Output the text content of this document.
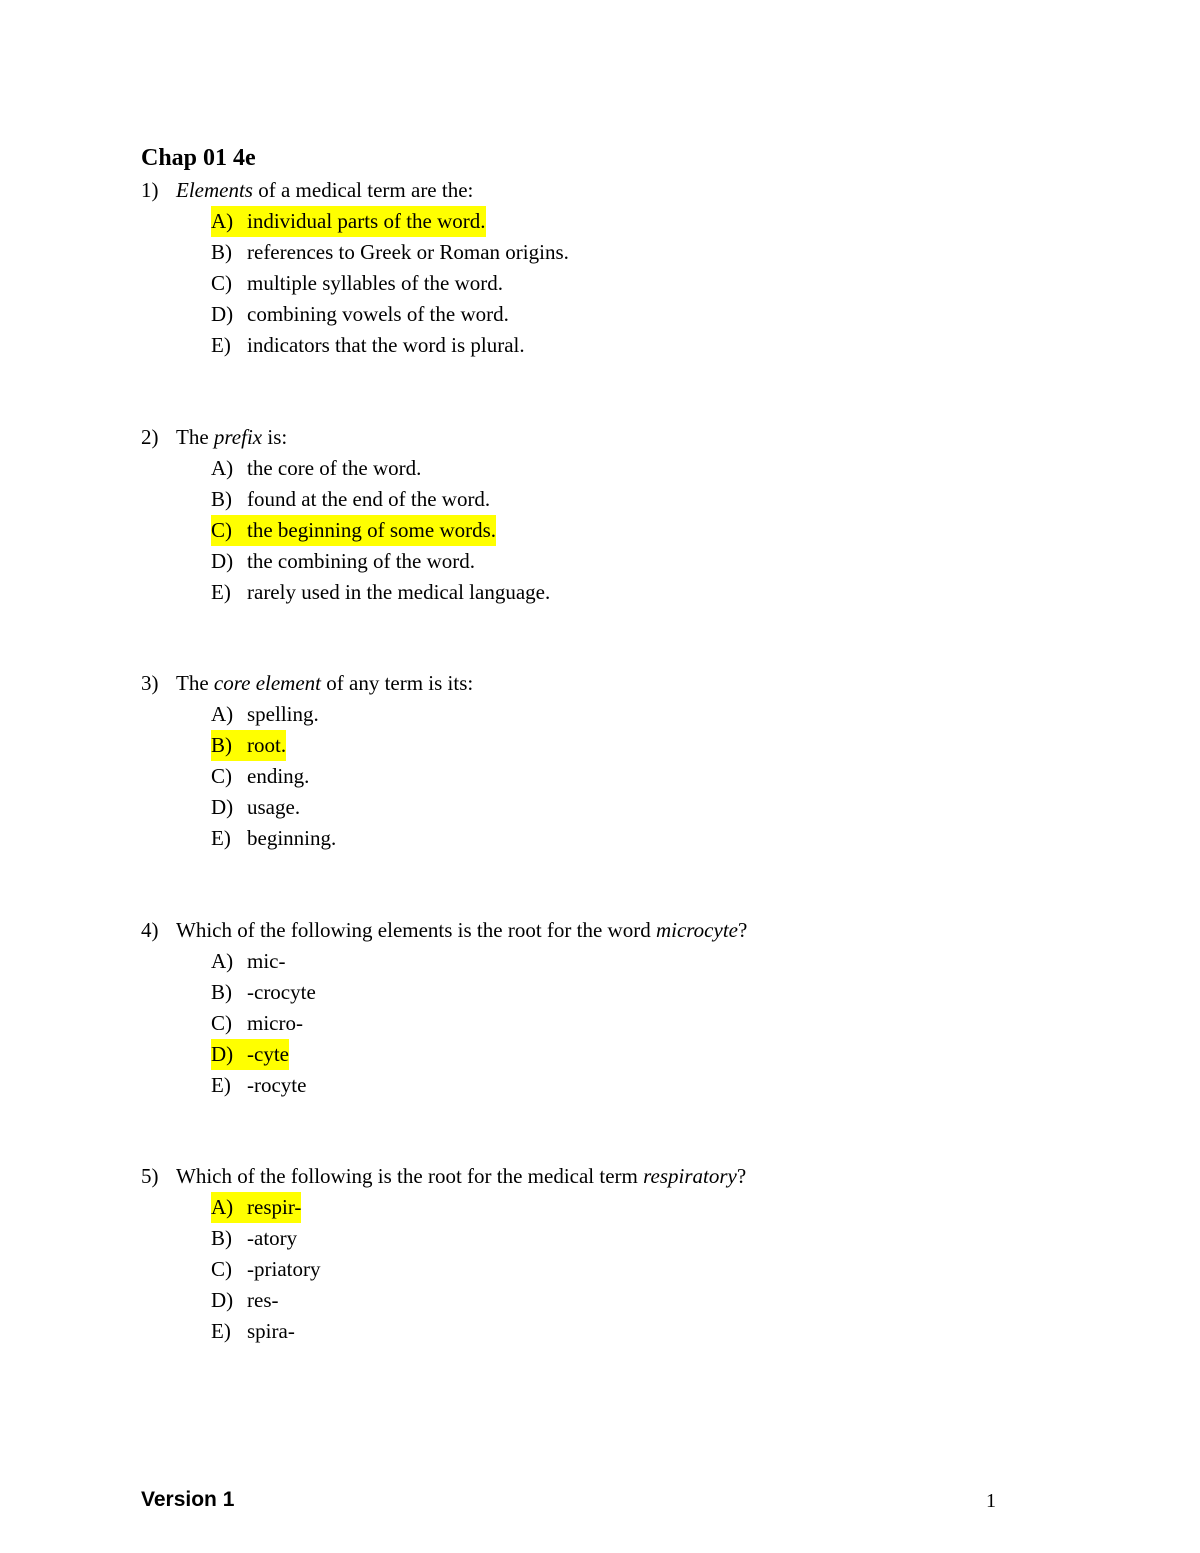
Chap 01 4e
1) Elements of a medical term are the:
A) individual parts of the word.
B) references to Greek or Roman origins.
C) multiple syllables of the word.
D) combining vowels of the word.
E) indicators that the word is plural.
2) The prefix is:
A) the core of the word.
B) found at the end of the word.
C) the beginning of some words.
D) the combining of the word.
E) rarely used in the medical language.
3) The core element of any term is its:
A) spelling.
B) root.
C) ending.
D) usage.
E) beginning.
4) Which of the following elements is the root for the word microcyte?
A) mic-
B) -crocyte
C) micro-
D) -cyte
E) -rocyte
5) Which of the following is the root for the medical term respiratory?
A) respir-
B) -atory
C) -priatory
D) res-
E) spira-
Version 1	1
